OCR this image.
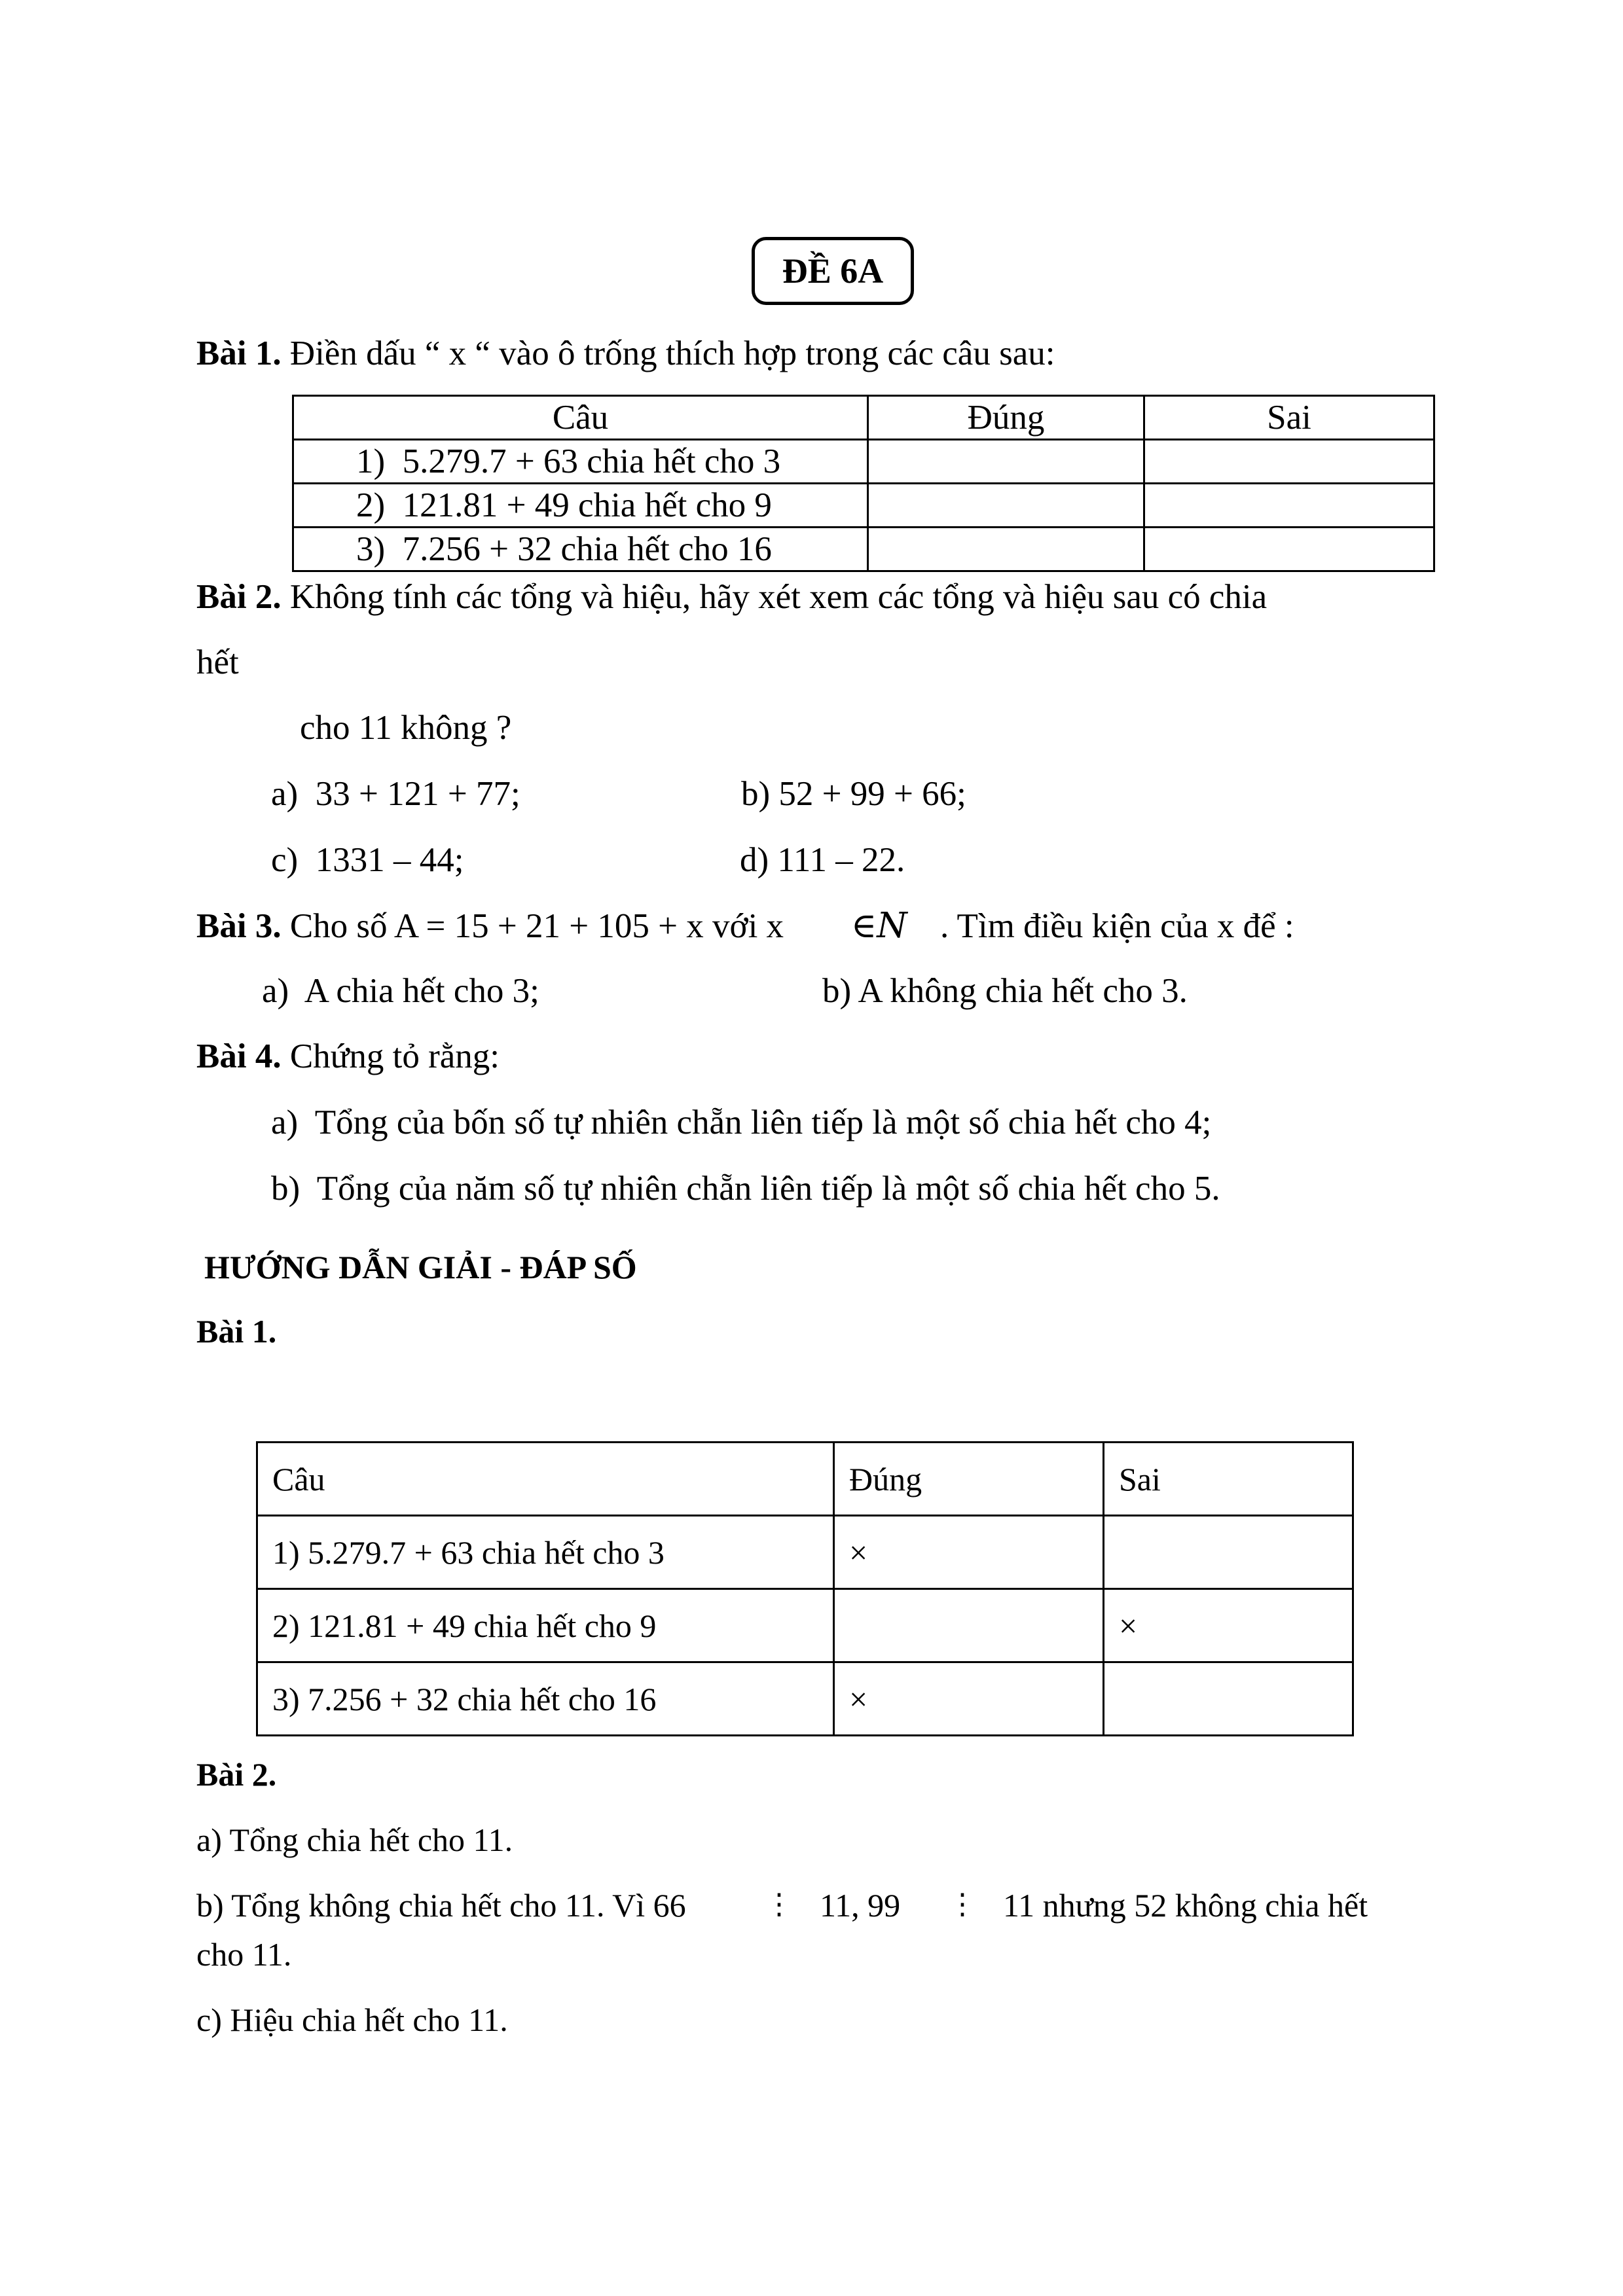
ĐỀ 6A
Bài 1. Điền dấu “ x “ vào ô trống thích hợp trong các câu sau:
Câu	Đúng	Sai
1) 5.279.7 + 63 chia hết cho 3		
2) 121.81 + 49 chia hết cho 9		
3) 7.256 + 32 chia hết cho 16		
Bài 2. Không tính các tổng và hiệu, hãy xét xem các tổng và hiệu sau có chia
hết
cho 11 không ?
a) 33 + 121 + 77;	b) 52 + 99 + 66;
c) 1331 – 44;	d) 111 – 22.
Bài 3. Cho số A = 15 + 21 + 105 + x với x ∈𝑁 . Tìm điều kiện của x để :
a) A chia hết cho 3;	b) A không chia hết cho 3.
Bài 4. Chứng tỏ rằng:
a) Tổng của bốn số tự nhiên chẵn liên tiếp là một số chia hết cho 4;
b) Tổng của năm số tự nhiên chẵn liên tiếp là một số chia hết cho 5.
HƯỚNG DẪN GIẢI - ĐÁP SỐ
Bài 1.
Câu	Đúng	Sai
1) 5.279.7 + 63 chia hết cho 3	×	
2) 121.81 + 49 chia hết cho 9		×
3) 7.256 + 32 chia hết cho 16	×	
Bài 2.
a) Tổng chia hết cho 11.
b) Tổng không chia hết cho 11. Vì 66	⋮ 11, 99 ⋮ 11 nhưng 52 không chia hết
cho 11.
c) Hiệu chia hết cho 11.
